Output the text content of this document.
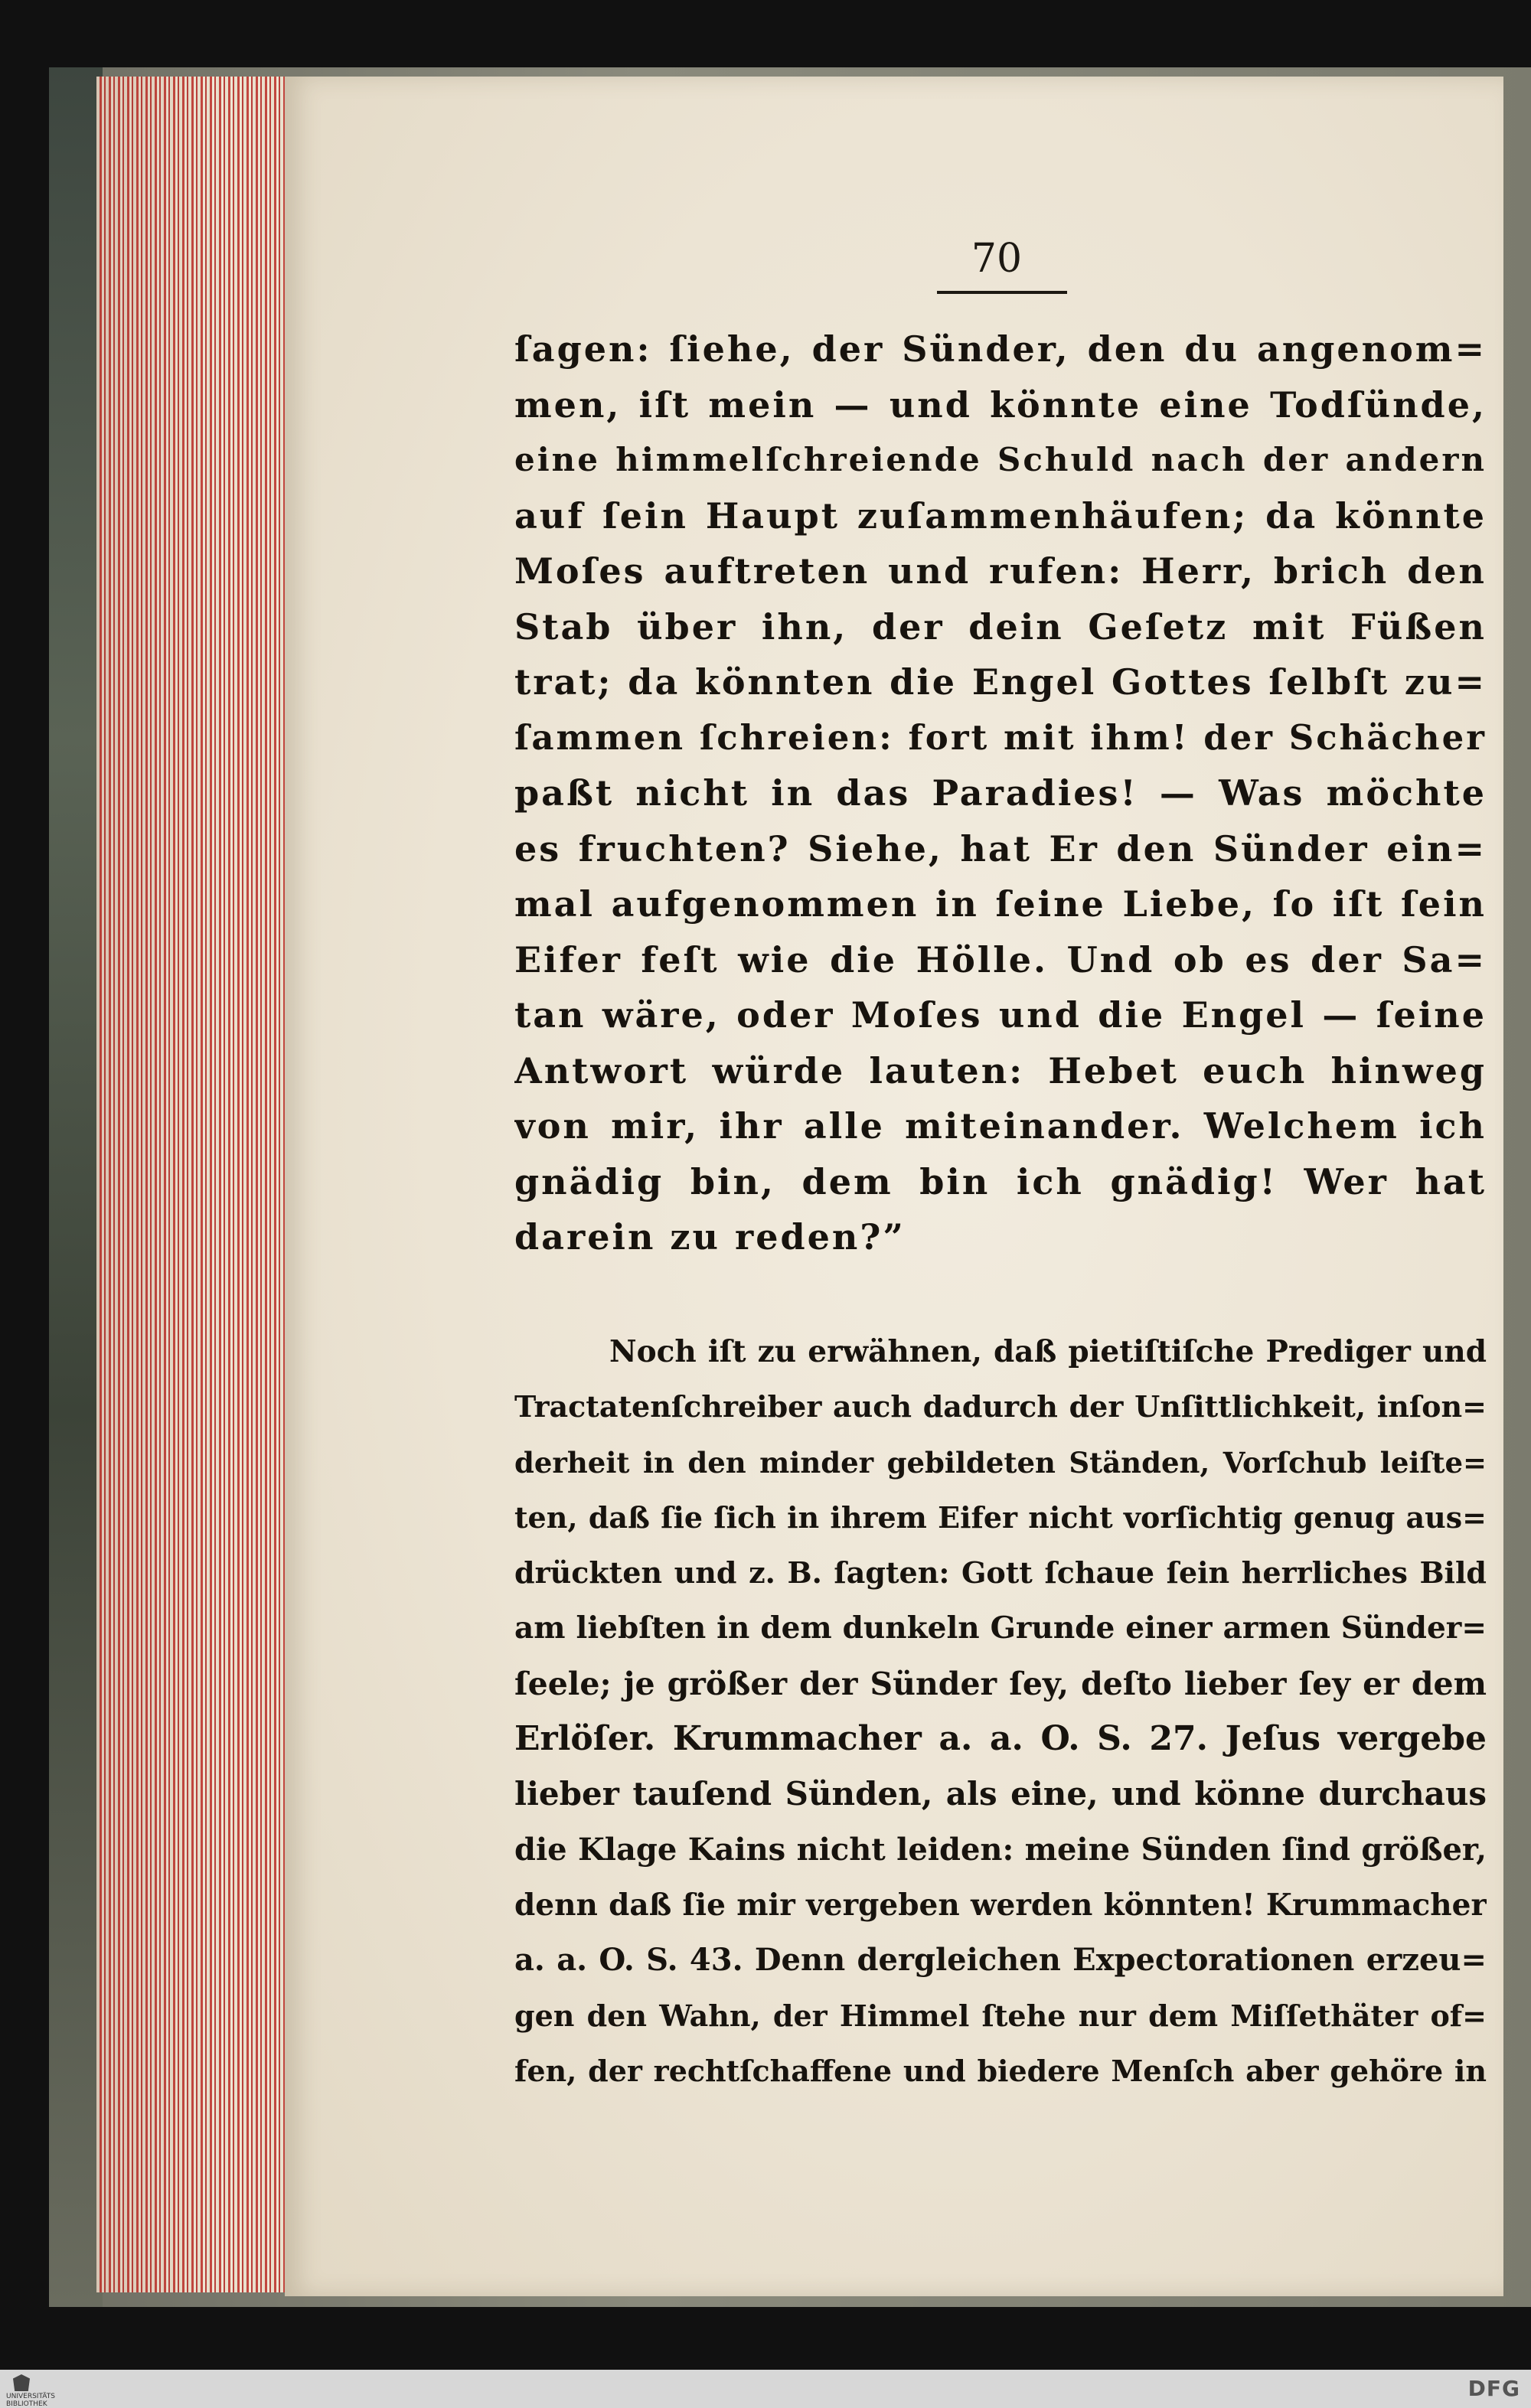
70
ſagen: ſiehe, der Sünder, den du angenom=
men, iſt mein — und könnte eine Todſünde,
eine himmelſchreiende Schuld nach der andern
auf ſein Haupt zuſammenhäufen; da könnte
Moſes auftreten und rufen: Herr, brich den
Stab über ihn, der dein Geſetz mit Füßen
trat; da könnten die Engel Gottes ſelbſt zu=
ſammen ſchreien: fort mit ihm! der Schächer
paßt nicht in das Paradies! — Was möchte
es fruchten? Siehe, hat Er den Sünder ein=
mal aufgenommen in ſeine Liebe, ſo iſt ſein
Eifer feſt wie die Hölle. Und ob es der Sa=
tan wäre, oder Moſes und die Engel — ſeine
Antwort würde lauten: Hebet euch hinweg
von mir, ihr alle miteinander. Welchem ich
gnädig bin, dem bin ich gnädig! Wer hat
darein zu reden?”
Noch iſt zu erwähnen, daß pietiſtiſche Prediger und
Tractatenſchreiber auch dadurch der Unſittlichkeit, inſon=
derheit in den minder gebildeten Ständen, Vorſchub leiſte=
ten, daß ſie ſich in ihrem Eifer nicht vorſichtig genug aus=
drückten und z. B. ſagten: Gott ſchaue ſein herrliches Bild
am liebſten in dem dunkeln Grunde einer armen Sünder=
ſeele; je größer der Sünder ſey, deſto lieber ſey er dem
Erlöſer. Krummacher a. a. O. S. 27. Jeſus vergebe
lieber tauſend Sünden, als eine, und könne durchaus
die Klage Kains nicht leiden: meine Sünden ſind größer,
denn daß ſie mir vergeben werden könnten! Krummacher
a. a. O. S. 43. Denn dergleichen Expectorationen erzeu=
gen den Wahn, der Himmel ſtehe nur dem Miſſethäter of=
fen, der rechtſchaffene und biedere Menſch aber gehöre in
UNIVERSITÄTS BIBLIOTHEK
DFG
